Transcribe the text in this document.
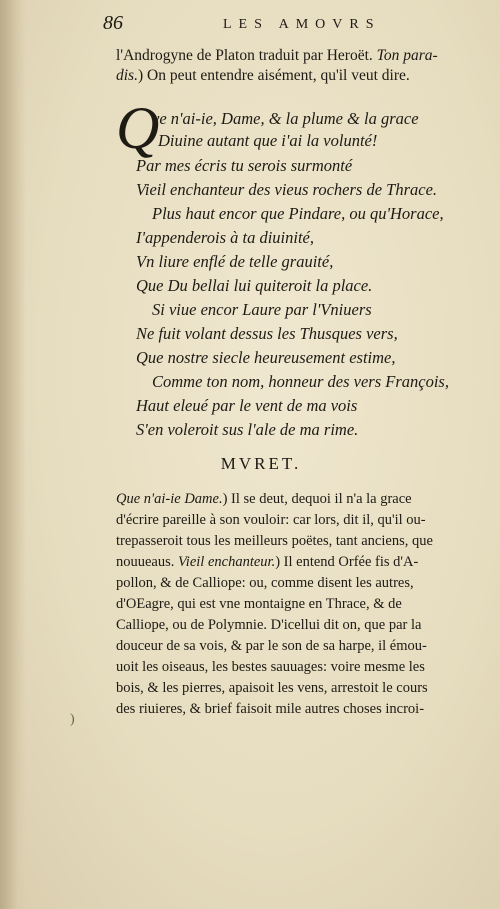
86	LES AMOVRS
l'Androgyne de Platon traduit par Heroët. Ton para-
dis.) On peut entendre aisément, qu'il veut dire.
Q
ve n'ai-ie, Dame, & la plume & la grace
Diuine autant que i'ai la volunté!
Par mes écris tu serois surmonté
Vieil enchanteur des vieus rochers de Thrace.
Plus haut encor que Pindare, ou qu'Horace,
I'appenderois à ta diuinité,
Vn liure enflé de telle grauité,
Que Du bellai lui quiteroit la place.
Si viue encor Laure par l'Vniuers
Ne fuit volant dessus les Thusques vers,
Que nostre siecle heureusement estime,
Comme ton nom, honneur des vers François,
Haut eleué par le vent de ma vois
S'en voleroit sus l'ale de ma rime.
MVRET.
Que n'ai-ie Dame.) Il se deut, dequoi il n'a la grace
d'écrire pareille à son vouloir: car lors, dit il, qu'il ou-
trepasseroit tous les meilleurs poëtes, tant anciens, que
nouueaus. Vieil enchanteur.) Il entend Orfée fis d'A-
pollon, & de Calliope: ou, comme disent les autres,
d'OEagre, qui est vne montaigne en Thrace, & de
Calliope, ou de Polymnie. D'icellui dit on, que par la
douceur de sa vois, & par le son de sa harpe, il émou-
uoit les oiseaus, les bestes sauuages: voire mesme les
bois, & les pierres, apaisoit les vens, arrestoit le cours
des riuieres, & brief faisoit mile autres choses incroi-
)
